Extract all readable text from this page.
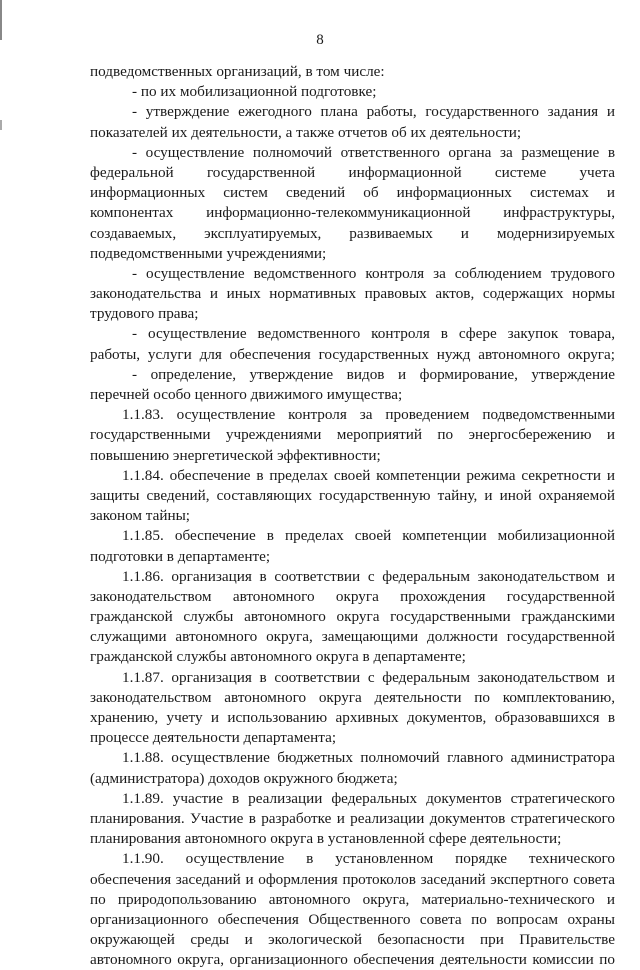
8
подведомственных организаций, в том числе:
- по их мобилизационной подготовке;
- утверждение ежегодного плана работы, государственного задания и
показателей их деятельности, а также отчетов об их деятельности;
- осуществление полномочий ответственного органа за размещение в
федеральной государственной информационной системе учета
информационных систем сведений об информационных системах и
компонентах информационно-телекоммуникационной инфраструктуры,
создаваемых, эксплуатируемых, развиваемых и модернизируемых
подведомственными учреждениями;
- осуществление ведомственного контроля за соблюдением трудового
законодательства и иных нормативных правовых актов, содержащих нормы
трудового права;
- осуществление ведомственного контроля в сфере закупок товара,
работы, услуги для обеспечения государственных нужд автономного округа;
- определение, утверждение видов и формирование, утверждение
перечней особо ценного движимого имущества;
1.1.83. осуществление контроля за проведением подведомственными
государственными учреждениями мероприятий по энергосбережению и
повышению энергетической эффективности;
1.1.84. обеспечение в пределах своей компетенции режима секретности и
защиты сведений, составляющих государственную тайну, и иной охраняемой
законом тайны;
1.1.85. обеспечение в пределах своей компетенции мобилизационной
подготовки в департаменте;
1.1.86. организация в соответствии с федеральным законодательством и
законодательством автономного округа прохождения государственной
гражданской службы автономного округа государственными гражданскими
служащими автономного округа, замещающими должности государственной
гражданской службы автономного округа в департаменте;
1.1.87. организация в соответствии с федеральным законодательством и
законодательством автономного округа деятельности по комплектованию,
хранению, учету и использованию архивных документов, образовавшихся в
процессе деятельности департамента;
1.1.88. осуществление бюджетных полномочий главного администратора
(администратора) доходов окружного бюджета;
1.1.89. участие в реализации федеральных документов стратегического
планирования. Участие в разработке и реализации документов стратегического
планирования автономного округа в установленной сфере деятельности;
1.1.90. осуществление в установленном порядке технического
обеспечения заседаний и оформления протоколов заседаний экспертного совета
по природопользованию автономного округа, материально-технического и
организационного обеспечения Общественного совета по вопросам охраны
окружающей среды и экологической безопасности при Правительстве
автономного округа, организационного обеспечения деятельности комиссии по
